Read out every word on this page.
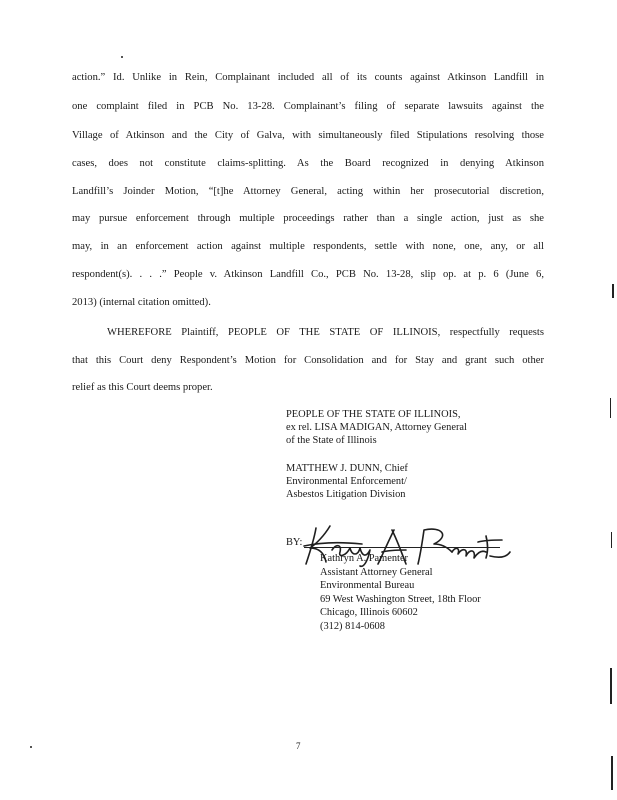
action.” Id. Unlike in Rein, Complainant included all of its counts against Atkinson Landfill in
one complaint filed in PCB No. 13-28. Complainant’s filing of separate lawsuits against the
Village of Atkinson and the City of Galva, with simultaneously filed Stipulations resolving those
cases, does not constitute claims-splitting. As the Board recognized in denying Atkinson
Landfill’s Joinder Motion, “[t]he Attorney General, acting within her prosecutorial discretion,
may pursue enforcement through multiple proceedings rather than a single action, just as she
may, in an enforcement action against multiple respondents, settle with none, one, any, or all
respondent(s). . . .” People v. Atkinson Landfill Co., PCB No. 13-28, slip op. at p. 6 (June 6,
2013) (internal citation omitted).
WHEREFORE Plaintiff, PEOPLE OF THE STATE OF ILLINOIS, respectfully requests
that this Court deny Respondent’s Motion for Consolidation and for Stay and grant such other
relief as this Court deems proper.
PEOPLE OF THE STATE OF ILLINOIS,
ex rel. LISA MADIGAN, Attorney General
of the State of Illinois
MATTHEW J. DUNN, Chief
Environmental Enforcement/
Asbestos Litigation Division
BY:
Kathryn A. Pamenter
Assistant Attorney General
Environmental Bureau
69 West Washington Street, 18th Floor
Chicago, Illinois 60602
(312) 814-0608
7
